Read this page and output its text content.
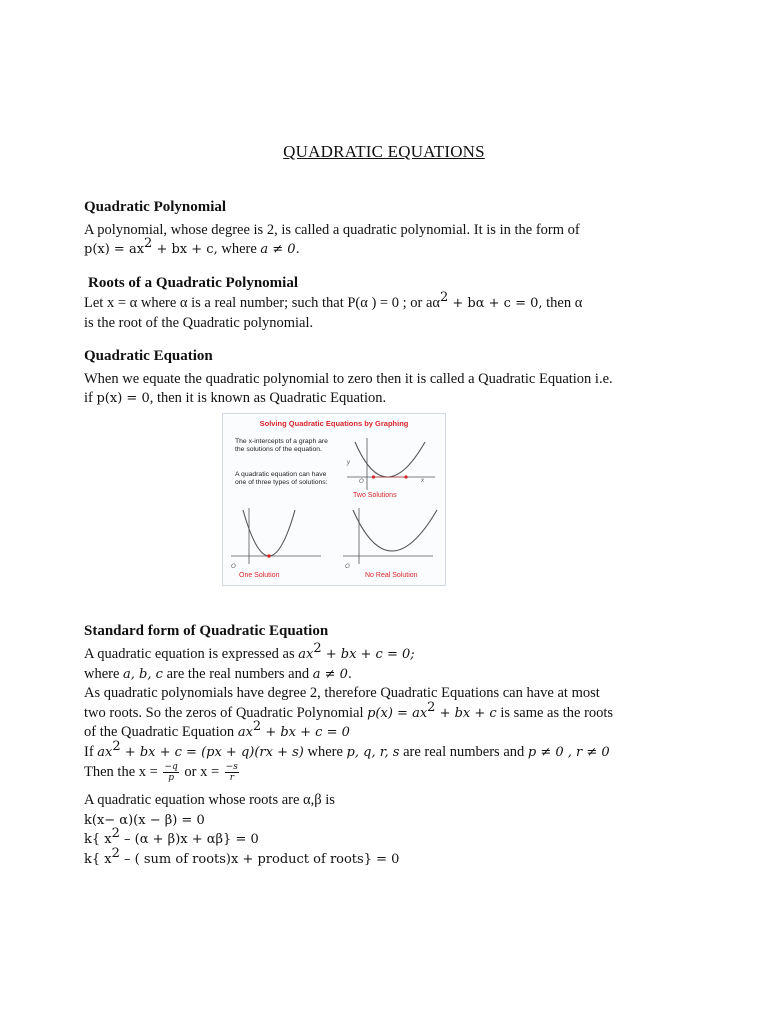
QUADRATIC EQUATIONS
Quadratic Polynomial
A polynomial, whose degree is 2, is called a quadratic polynomial. It is in the form of
$p(x) = ax^2$ + bx + c, where a ≠ 0.
Roots of a Quadratic Polynomial
Let x = α where α is a real number; such that P(α ) = 0 ; or $a\alpha^2 + b\alpha + c = 0$, then α
is the root of the Quadratic polynomial.
Quadratic Equation
When we equate the quadratic polynomial to zero then it is called a Quadratic Equation i.e.
if p(x) = 0, then it is known as Quadratic Equation.
Solving Quadratic Equations by Graphing
The x-intercepts of a graph are the solutions of the equation.
A quadratic equation can have one of three types of solutions:
y
O	x
Two Solutions
O
One Solution
O
No Real Solution
Standard form of Quadratic Equation
A quadratic equation is expressed as $ax^2$ + bx + c = 0;
where a, b, c are the real numbers and a ≠ 0.
As quadratic polynomials have degree 2, therefore Quadratic Equations can have at most
two roots. So the zeros of Quadratic Polynomial $p(x) = ax^2$ + bx + c is same as the roots
of the Quadratic Equation $ax^2$ + bx + c = 0
If $ax^2$ + bx + c = (px + q)(rx + s) where p, q, r, s are real numbers and p ≠ 0 , r ≠ 0
Then the $x = \frac{-q}{p}$ or $x = \frac{-s}{r}$
A quadratic equation whose roots are α,β is
k(x− α)(x − β) = 0
k{ $x^2 - (\alpha + \beta)x + \alpha\beta\} = 0$
k{ $x^2$ – ( sum of roots)x + product of roots} = 0
